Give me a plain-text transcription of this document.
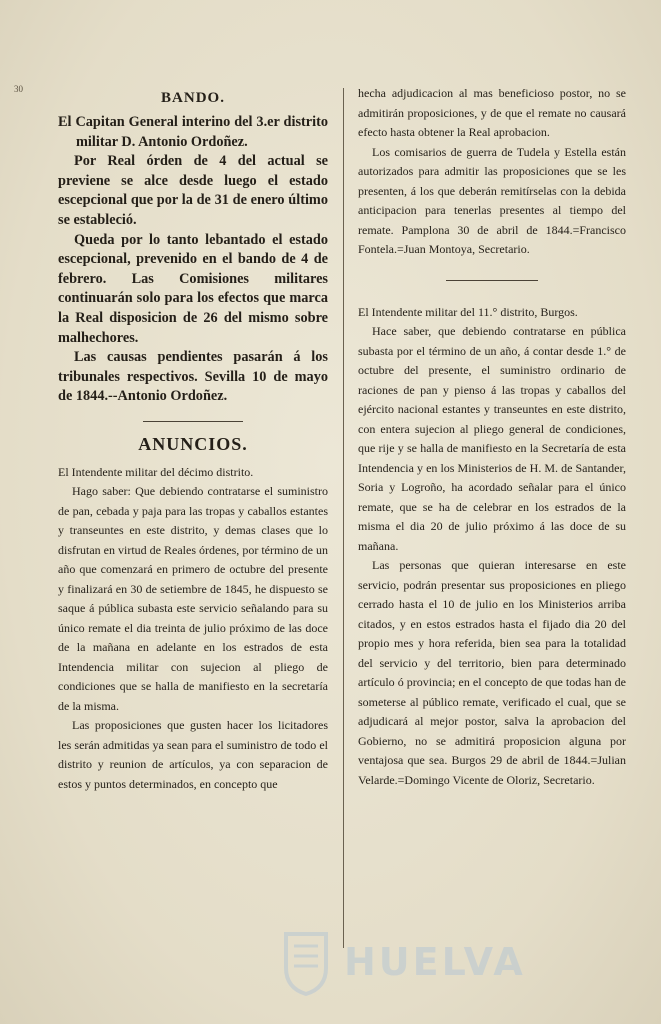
30
BANDO.

El Capitan General interino del 3.er distrito militar D. Antonio Ordoñez.

Por Real órden de 4 del actual se previene se alce desde luego el estado escepcional que por la de 31 de enero último se estableció.

Queda por lo tanto lebantado el estado escepcional, prevenido en el bando de 4 de febrero. Las Comisiones militares continuarán solo para los efectos que marca la Real disposicion de 26 del mismo sobre malhechores.

Las causas pendientes pasarán á los tribunales respectivos. Sevilla 10 de mayo de 1844.--Antonio Ordoñez.

ANUNCIOS.

El Intendente militar del décimo distrito.

Hago saber: Que debiendo contratarse el suministro de pan, cebada y paja para las tropas y caballos estantes y transeuntes en este distrito, y demas clases que lo disfrutan en virtud de Reales órdenes, por término de un año que comenzará en primero de octubre del presente y finalizará en 30 de setiembre de 1845, he dispuesto se saque á pública subasta este servicio señalando para su único remate el dia treinta de julio próximo de las doce de la mañana en adelante en los estrados de esta Intendencia militar con sujecion al pliego de condiciones que se halla de manifiesto en la secretaría de la misma.

Las proposiciones que gusten hacer los licitadores les serán admitidas ya sean para el suministro de todo el distrito y reunion de artículos, ya con separacion de estos y puntos determinados, en concepto que

hecha adjudicacion al mas beneficioso postor, no se admitirán proposiciones, y de que el remate no causará efecto hasta obtener la Real aprobacion.

Los comisarios de guerra de Tudela y Estella están autorizados para admitir las proposiciones que se les presenten, á los que deberán remitírselas con la debida anticipacion para tenerlas presentes al tiempo del remate. Pamplona 30 de abril de 1844.=Francisco Fontela.=Juan Montoya, Secretario.

El Intendente militar del 11.° distrito, Burgos.

Hace saber, que debiendo contratarse en pública subasta por el término de un año, á contar desde 1.° de octubre del presente, el suministro ordinario de raciones de pan y pienso á las tropas y caballos del ejército nacional estantes y transeuntes en este distrito, con entera sujecion al pliego general de condiciones, que rije y se halla de manifiesto en la Secretaría de esta Intendencia y en los Ministerios de H. M. de Santander, Soria y Logroño, ha acordado señalar para el único remate, que se ha de celebrar en los estrados de la misma el dia 20 de julio próximo á las doce de su mañana.

Las personas que quieran interesarse en este servicio, podrán presentar sus proposiciones en pliego cerrado hasta el 10 de julio en los Ministerios arriba citados, y en estos estrados hasta el fijado dia 20 del propio mes y hora referida, bien sea para la totalidad del servicio y del territorio, bien para determinado artículo ó provincia; en el concepto de que todas han de someterse al público remate, verificado el cual, que se adjudicará al mejor postor, salva la aprobacion del Gobierno, no se admitirá proposicion alguna por ventajosa que sea. Burgos 29 de abril de 1844.=Julian Velarde.=Domingo Vicente de Oloriz, Secretario.

HUELVA
